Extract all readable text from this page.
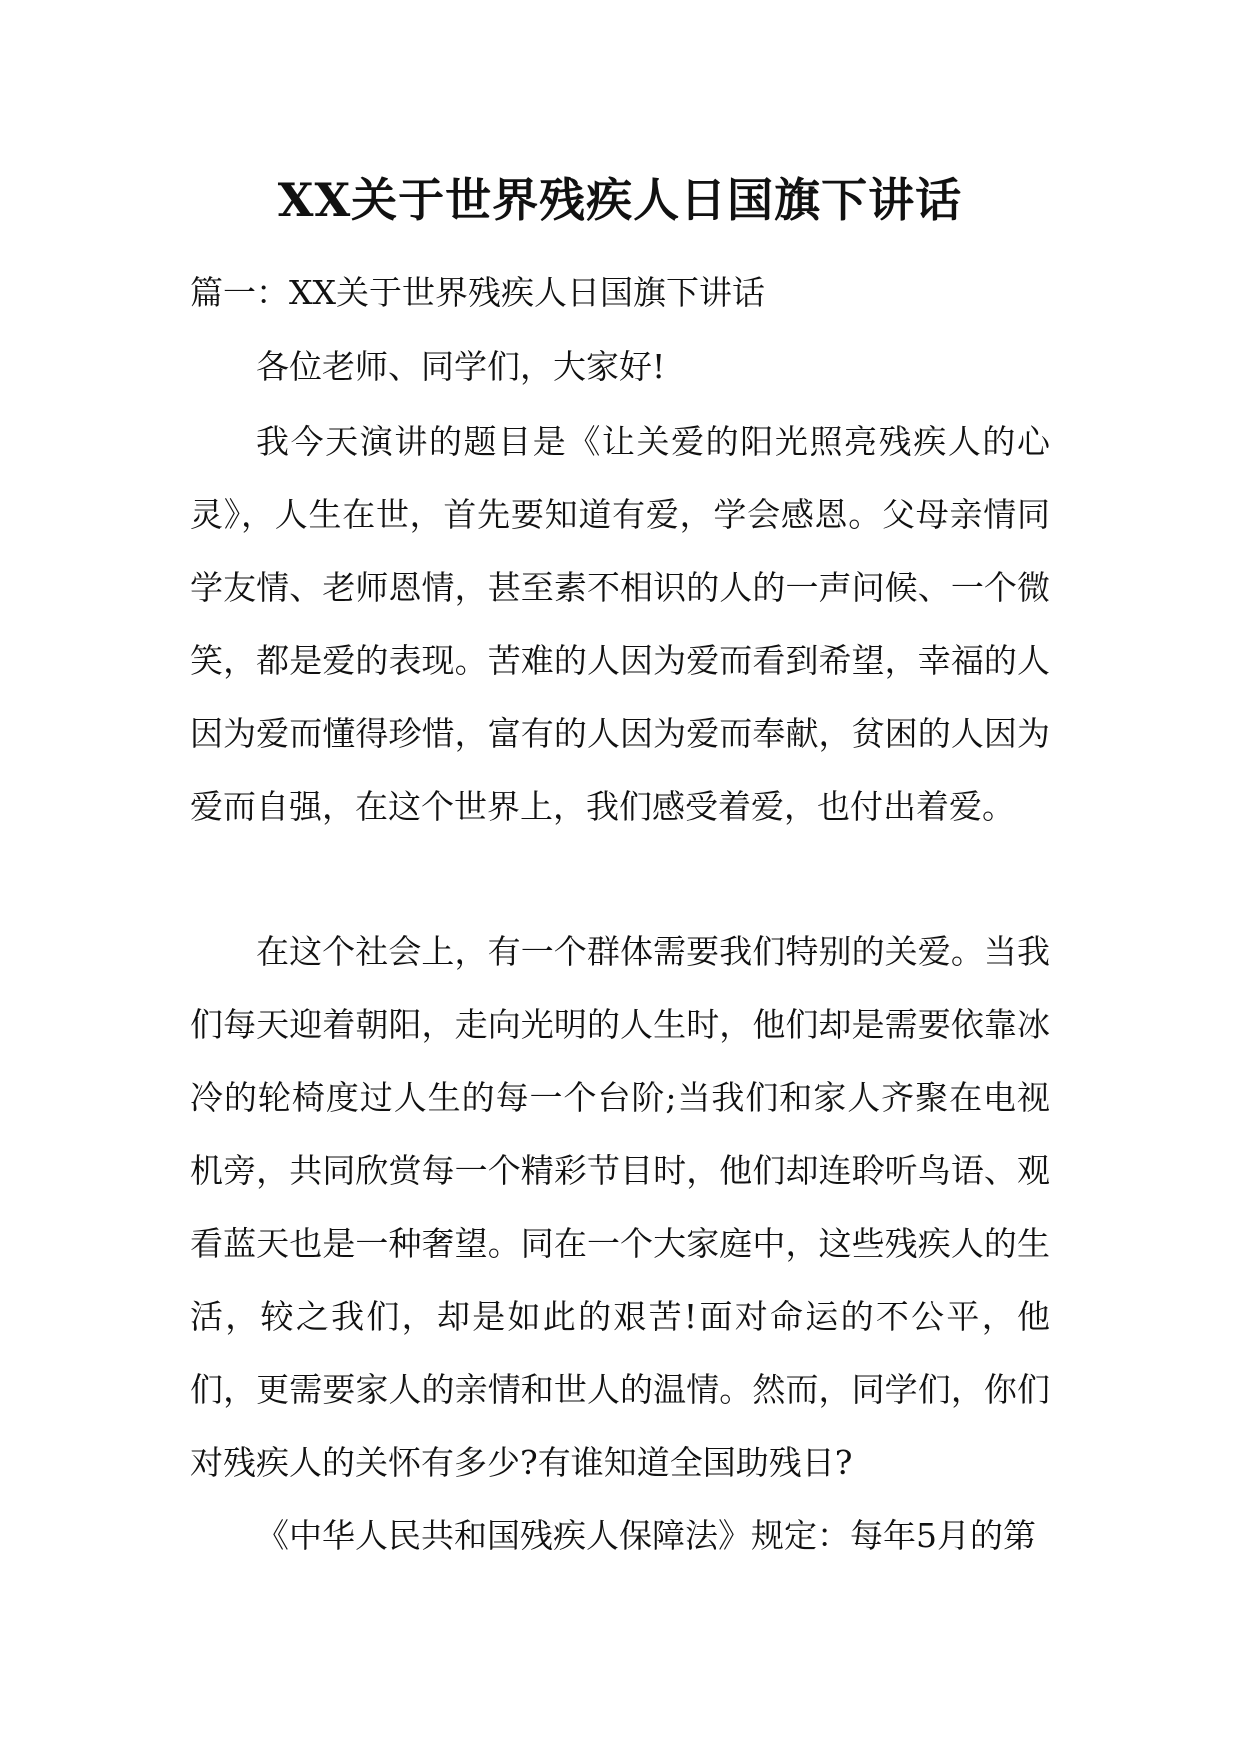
XX关于世界残疾人日国旗下讲话
篇一：XX关于世界残疾人日国旗下讲话

各位老师、同学们，大家好!

我今天演讲的题目是《让关爱的阳光照亮残疾人的心灵》，人生在世，首先要知道有爱，学会感恩。父母亲情同学友情、老师恩情，甚至素不相识的人的一声问候、一个微笑，都是爱的表现。苦难的人因为爱而看到希望，幸福的人因为爱而懂得珍惜，富有的人因为爱而奉献，贫困的人因为爱而自强，在这个世界上，我们感受着爱，也付出着爱。

在这个社会上，有一个群体需要我们特别的关爱。当我们每天迎着朝阳，走向光明的人生时，他们却是需要依靠冰冷的轮椅度过人生的每一个台阶;当我们和家人齐聚在电视机旁，共同欣赏每一个精彩节目时，他们却连聆听鸟语、观看蓝天也是一种奢望。同在一个大家庭中，这些残疾人的生活，较之我们，却是如此的艰苦!面对命运的不公平，他们，更需要家人的亲情和世人的温情。然而，同学们，你们对残疾人的关怀有多少?有谁知道全国助残日?

《中华人民共和国残疾人保障法》规定：每年5月的第
